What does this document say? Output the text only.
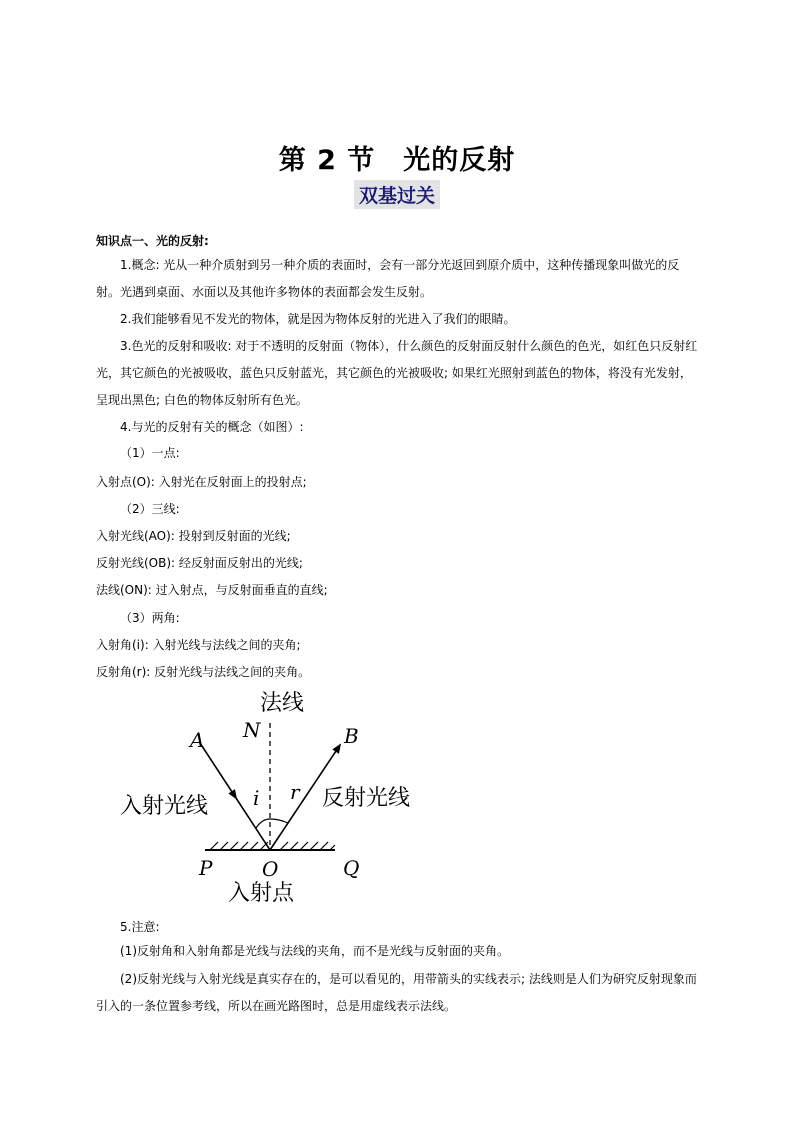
第 2 节　光的反射
双基过关
知识点一、光的反射:
1.概念: 光从一种介质射到另一种介质的表面时，会有一部分光返回到原介质中，这种传播现象叫做光的反射。光遇到桌面、水面以及其他许多物体的表面都会发生反射。
2.我们能够看见不发光的物体，就是因为物体反射的光进入了我们的眼睛。
3.色光的反射和吸收: 对于不透明的反射面（物体），什么颜色的反射面反射什么颜色的色光，如红色只反射红光，其它颜色的光被吸收，蓝色只反射蓝光，其它颜色的光被吸收; 如果红光照射到蓝色的物体，将没有光发射，呈现出黑色; 白色的物体反射所有色光。
4.与光的反射有关的概念（如图）:
（1）一点:
入射点(O): 入射光在反射面上的投射点;
（2）三线:
入射光线(AO): 投射到反射面的光线;
反射光线(OB): 经反射面反射出的光线;
法线(ON): 过入射点，与反射面垂直的直线;
（3）两角:
入射角(i): 入射光线与法线之间的夹角;
反射角(r): 反射光线与法线之间的夹角。
法线
N
A	B
i r
入射光线	反射光线
P O	Q
入射点
5.注意:
(1)反射角和入射角都是光线与法线的夹角，而不是光线与反射面的夹角。
(2)反射光线与入射光线是真实存在的，是可以看见的，用带箭头的实线表示; 法线则是人们为研究反射现象而引入的一条位置参考线，所以在画光路图时，总是用虚线表示法线。
